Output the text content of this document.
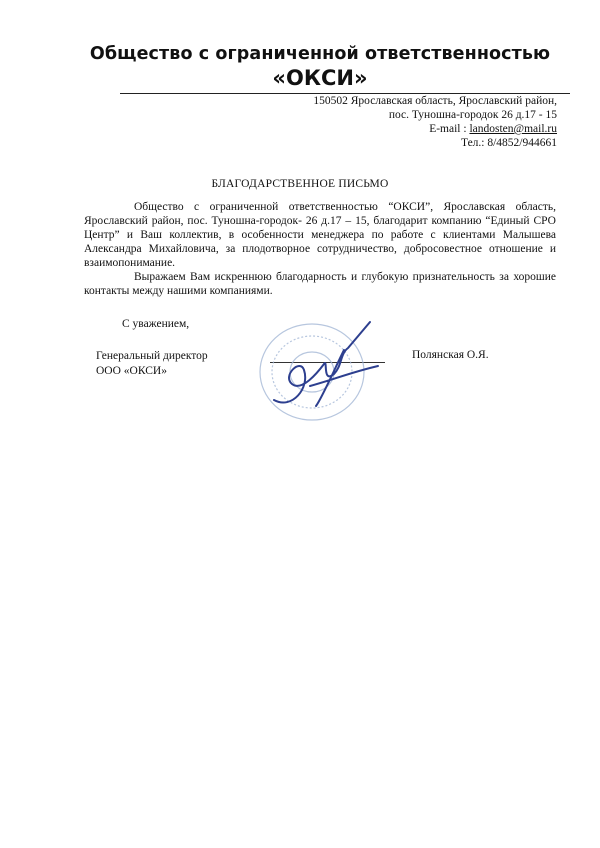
Общество с ограниченной ответственностью
«ОКСИ»
150502 Ярославская область, Ярославский район,
пос. Туношна-городок 26 д.17 - 15
E-mail : landosten@mail.ru
Тел.: 8/4852/944661
БЛАГОДАРСТВЕННОЕ ПИСЬМО

Общество с ограниченной ответственностью “ОКСИ”, Ярославская область, Ярославский район, пос. Туношна-городок- 26 д.17 – 15, благодарит компанию “Единый СРО Центр” и Ваш коллектив, в особенности менеджера по работе с клиентами Малышева Александра Михайловича, за плодотворное сотрудничество, добросовестное отношение и взаимопонимание.

Выражаем Вам искреннюю благодарность и глубокую признательность за хорошие контакты между нашими компаниями.

С уважением,
Генеральный директор
ООО «ОКСИ»
Полянская О.Я.
